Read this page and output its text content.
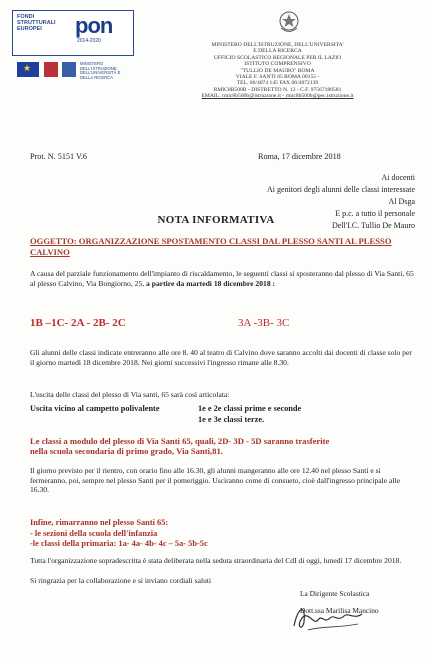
FONDI STRUTTURALI EUROPEI	pon
2014-2020
★
MINISTERO DELL'ISTRUZIONE, DELL'UNIVERSITÀ E DELLA RICERCA
MINISTERO DELL'ISTRUZIONE, DELL'UNIVERSITA'
E DELLA RICERCA
UFFICIO SCOLASTICO REGIONALE PER IL LAZIO
ISTITUTO COMPRENSIVO
"TULLIO DE MAURO" ROMA
VIALE F. SANTI 65 ROMA 00155 -
TEL. 06/4074 145 FAX 06/4072139
RMIC8B500B - DISTRETTO N. 13 - C.F. 97567180581
EMAIL: rmic8b500b@istruzione.it - rmic8b500b@pec.istruzione.it
Prot. N. 5151 V.6	Roma, 17 dicembre 2018
Ai docenti
Ai genitori degli alunni delle classi interessate
Al Dsga
E p.c. a tutto il personale
Dell'I.C. Tullio De Mauro
NOTA INFORMATIVA
OGGETTO: ORGANIZZAZIONE SPOSTAMENTO CLASSI DAL PLESSO SANTI AL PLESSO CALVINO
A causa del parziale funzionamento dell'impianto di riscaldamento, le seguenti classi si sposteranno dal plesso di Via Santi, 65 al plesso Calvino, Via Bongiorno, 25, a partire da martedì 18 dicembre 2018 :
1B –1C- 2A - 2B- 2C	3A -3B- 3C
Gli alunni delle classi indicate entreranno alle ore 8. 40 al teatro di Calvino dove saranno accolti dai docenti di classe solo per il giorno martedì 18 dicembre 2018. Nei giorni successivi l'ingresso rimane alle 8.30.
L'uscita delle classi del plesso di Via santi, 65 sarà così articolata:
Uscita vicino al campetto polivalente	1e e 2e classi prime e seconde
1e e 3e classi terze.
Le classi a modulo del plesso di Via Santi 65, quali, 2D- 3D - 5D saranno trasferite
nella scuola secondaria di primo grado, Via Santi,81.
Il giorno previsto per il rientro, con orario fino alle 16.30, gli alunni mangeranno alle ore 12.40 nel plesso Santi e si fermeranno, poi, sempre nel plesso Santi per il pomeriggio. Usciranno come di consueto, cioè dall'ingresso principale alle 16.30.
Infine, rimarranno nel plesso Santi 65:
- le sezioni della scuola dell'infanzia
-le classi della primaria: 1a- 4a- 4b- 4c – 5a- 5b-5c
Tutta l'organizzazione sopradescritta è stata deliberata nella seduta straordinaria del CdI di oggi, lunedì 17 dicembre 2018.
Si ringrazia per la collaborazione e si inviano cordiali saluti
La Dirigente Scolastica
Dott.ssa Marilisa Mancino
